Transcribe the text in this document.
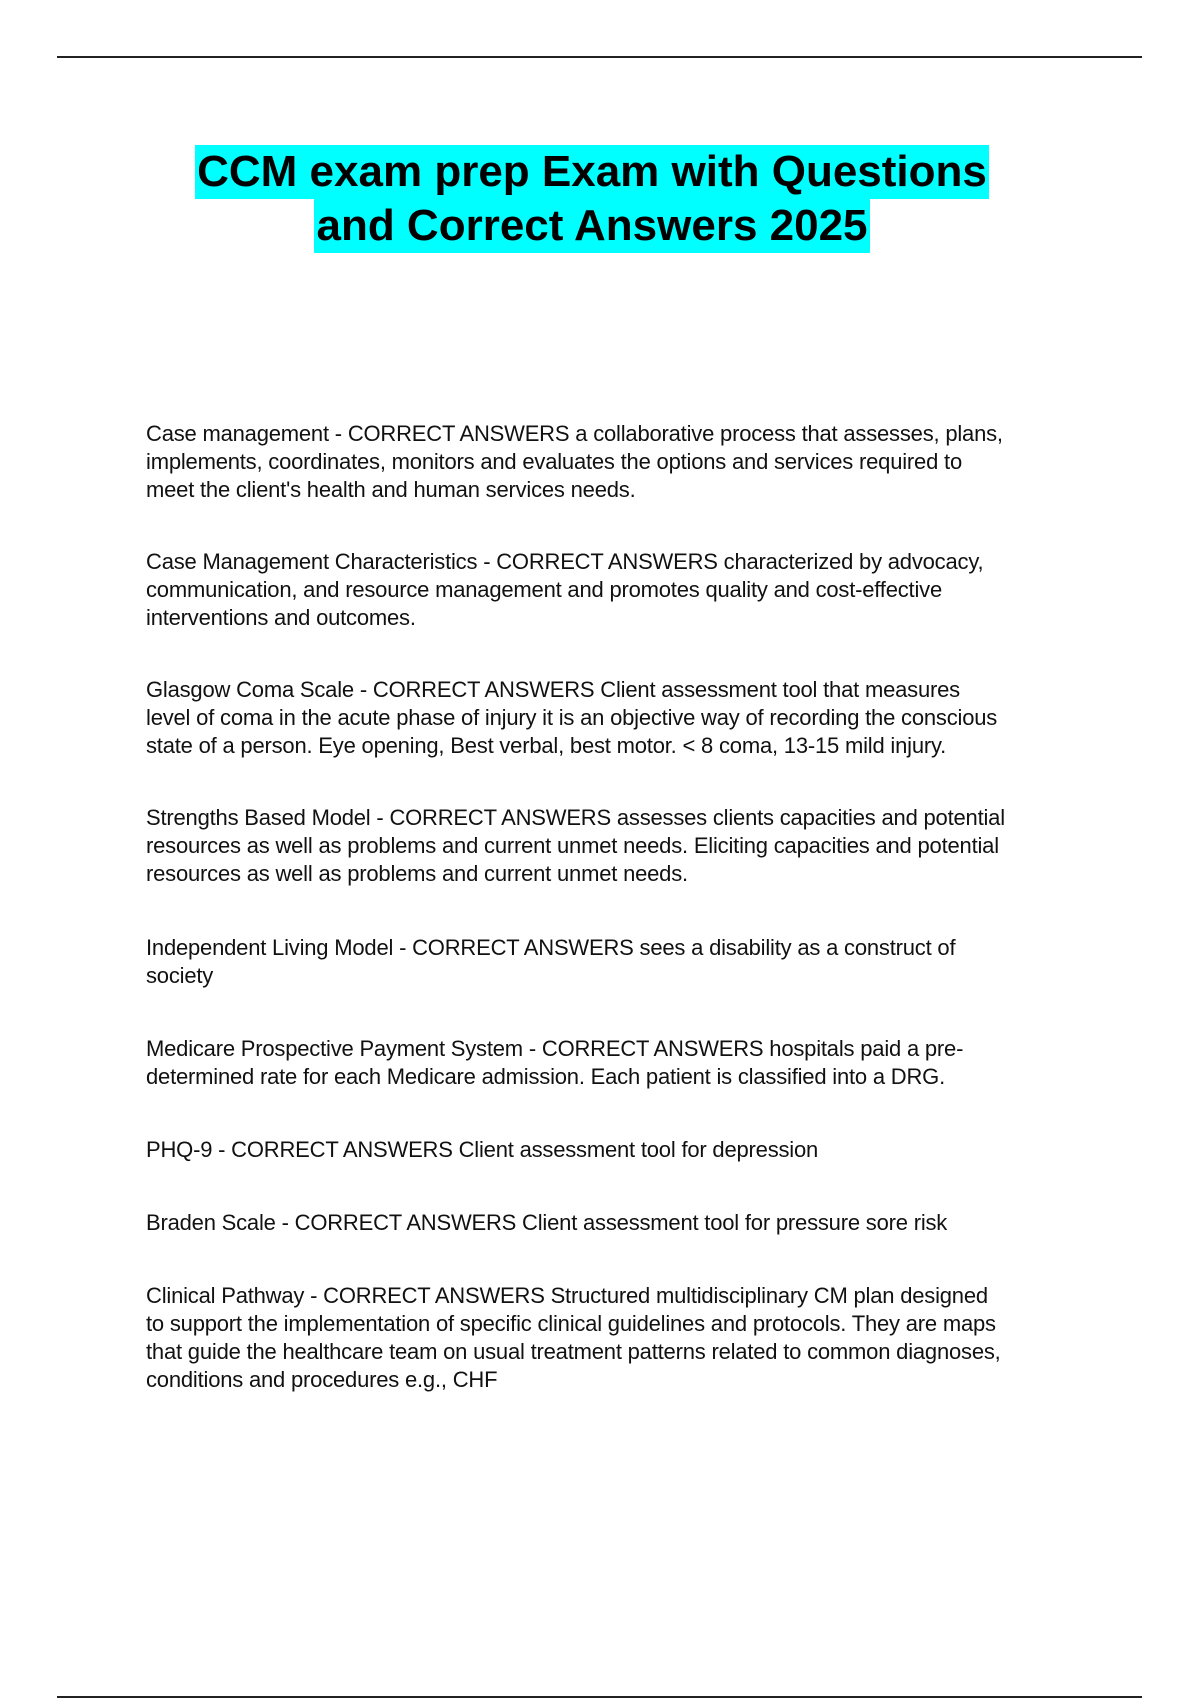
CCM exam prep Exam with Questions
and Correct Answers 2025

Case management - CORRECT ANSWERS a collaborative process that assesses, plans,
implements, coordinates, monitors and evaluates the options and services required to
meet the client's health and human services needs.

Case Management Characteristics - CORRECT ANSWERS characterized by advocacy,
communication, and resource management and promotes quality and cost-effective
interventions and outcomes.

Glasgow Coma Scale - CORRECT ANSWERS Client assessment tool that measures
level of coma in the acute phase of injury it is an objective way of recording the conscious
state of a person. Eye opening, Best verbal, best motor. < 8 coma, 13-15 mild injury.

Strengths Based Model - CORRECT ANSWERS assesses clients capacities and potential
resources as well as problems and current unmet needs. Eliciting capacities and potential
resources as well as problems and current unmet needs.

Independent Living Model - CORRECT ANSWERS sees a disability as a construct of
society

Medicare Prospective Payment System - CORRECT ANSWERS hospitals paid a pre-
determined rate for each Medicare admission. Each patient is classified into a DRG.

PHQ-9 - CORRECT ANSWERS Client assessment tool for depression

Braden Scale - CORRECT ANSWERS Client assessment tool for pressure sore risk

Clinical Pathway - CORRECT ANSWERS Structured multidisciplinary CM plan designed
to support the implementation of specific clinical guidelines and protocols. They are maps
that guide the healthcare team on usual treatment patterns related to common diagnoses,
conditions and procedures e.g., CHF
